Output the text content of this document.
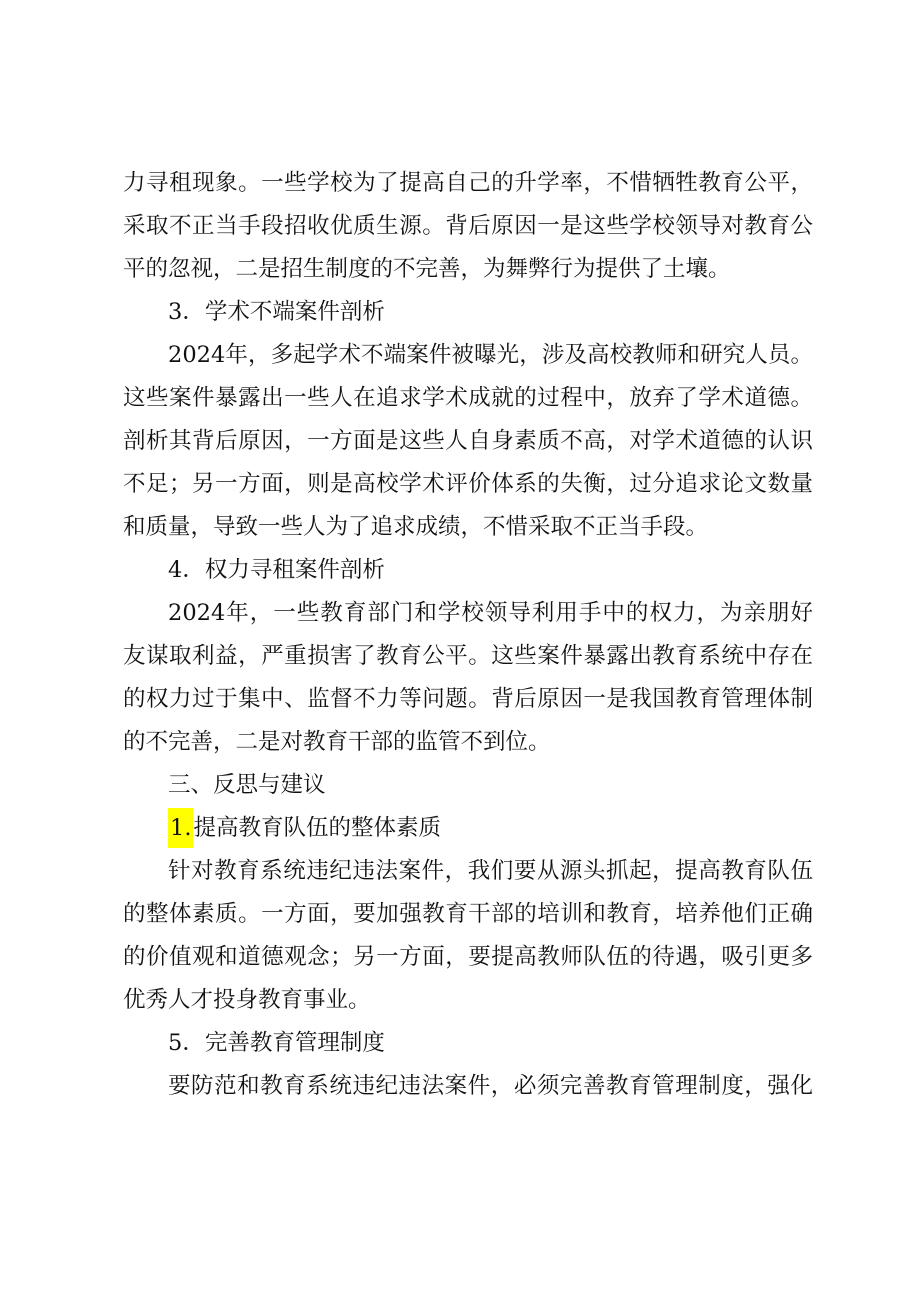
力寻租现象。一些学校为了提高自己的升学率，不惜牺牲教育公平，
采取不正当手段招收优质生源。背后原因一是这些学校领导对教育公
平的忽视，二是招生制度的不完善，为舞弊行为提供了土壤。
3．学术不端案件剖析
2024年，多起学术不端案件被曝光，涉及高校教师和研究人员。
这些案件暴露出一些人在追求学术成就的过程中，放弃了学术道德。
剖析其背后原因，一方面是这些人自身素质不高，对学术道德的认识
不足；另一方面，则是高校学术评价体系的失衡，过分追求论文数量
和质量，导致一些人为了追求成绩，不惜采取不正当手段。
4．权力寻租案件剖析
2024年，一些教育部门和学校领导利用手中的权力，为亲朋好
友谋取利益，严重损害了教育公平。这些案件暴露出教育系统中存在
的权力过于集中、监督不力等问题。背后原因一是我国教育管理体制
的不完善，二是对教育干部的监管不到位。
三、反思与建议
1.提高教育队伍的整体素质
针对教育系统违纪违法案件，我们要从源头抓起，提高教育队伍
的整体素质。一方面，要加强教育干部的培训和教育，培养他们正确
的价值观和道德观念；另一方面，要提高教师队伍的待遇，吸引更多
优秀人才投身教育事业。
5．完善教育管理制度
要防范和教育系统违纪违法案件，必须完善教育管理制度，强化
